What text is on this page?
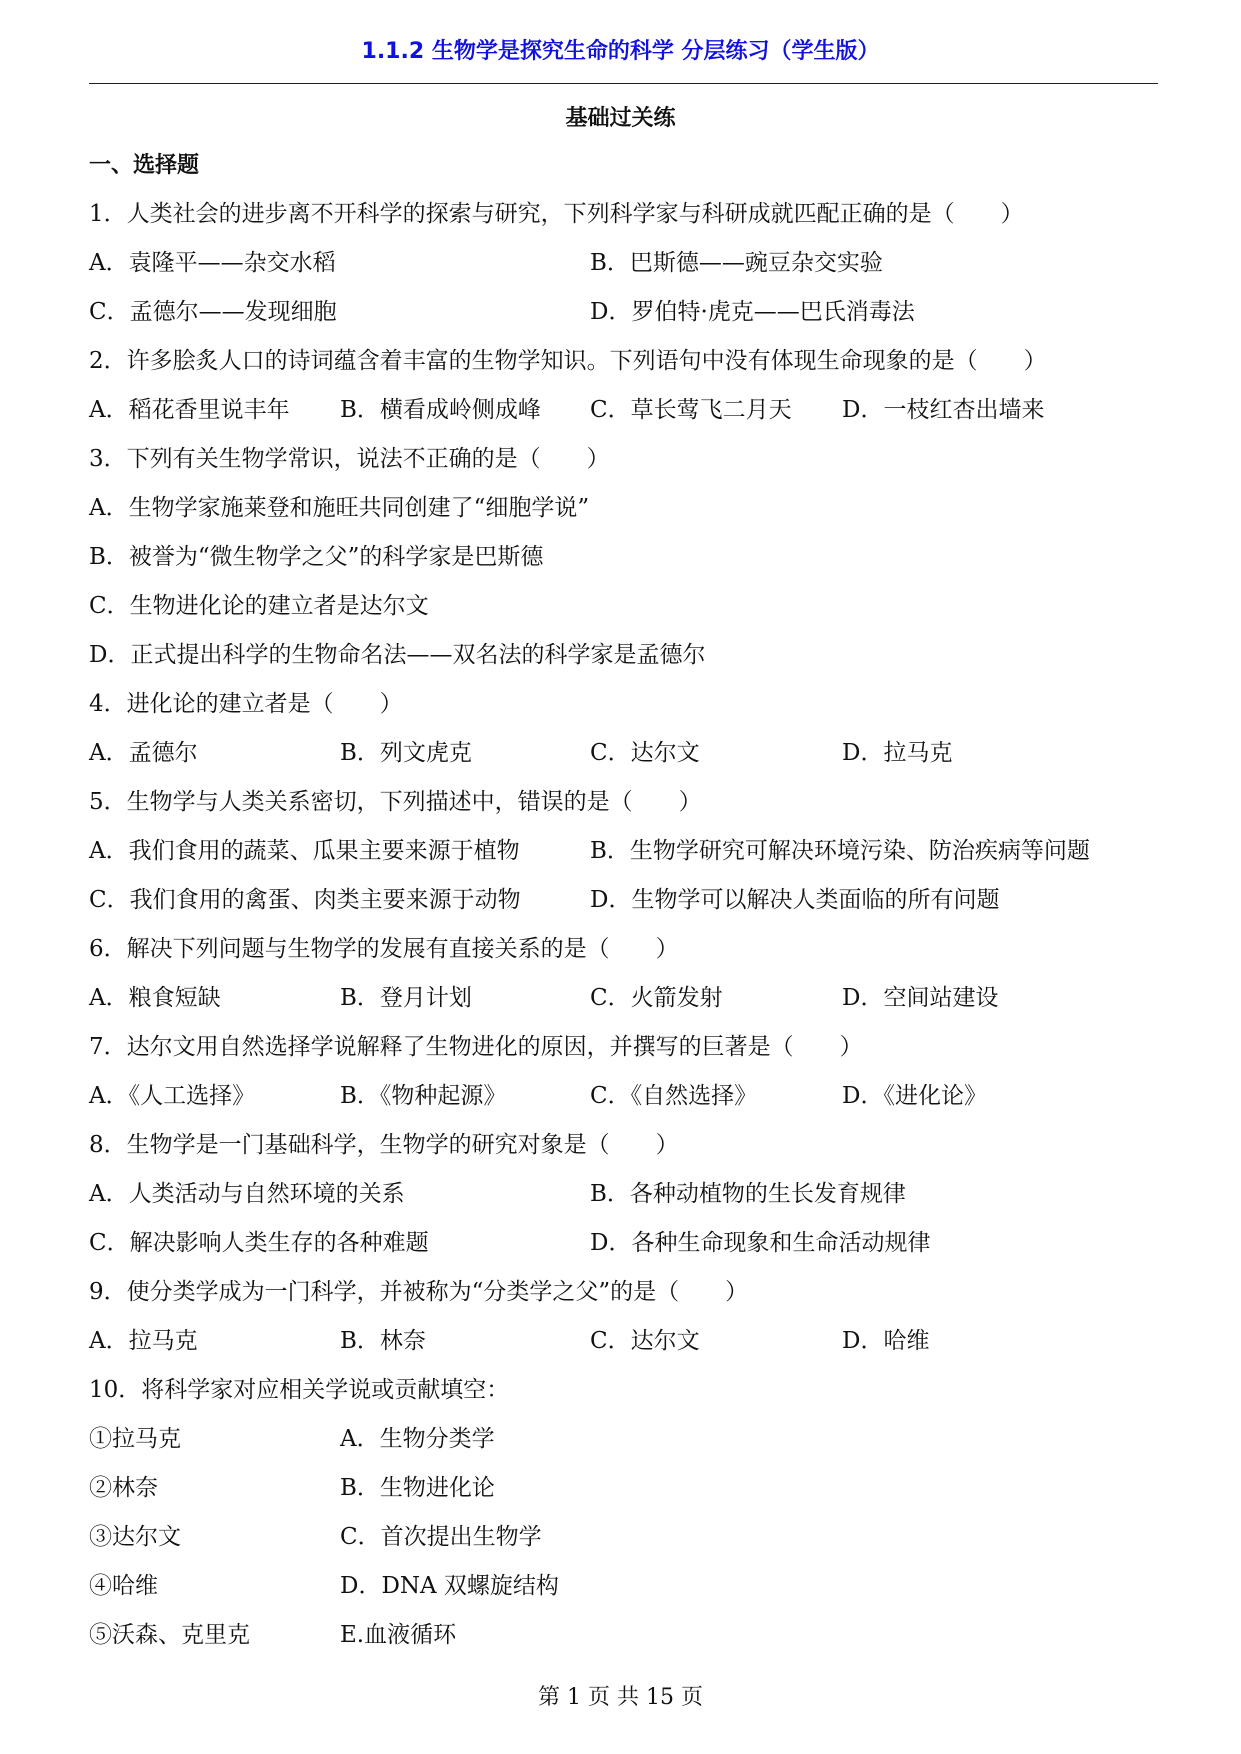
1.1.2 生物学是探究生命的科学 分层练习（学生版）
基础过关练
一、选择题
1．人类社会的进步离不开科学的探索与研究，下列科学家与科研成就匹配正确的是（　　）
A．袁隆平——杂交水稻	B．巴斯德——豌豆杂交实验
C．孟德尔——发现细胞	D．罗伯特·虎克——巴氏消毒法
2．许多脍炙人口的诗词蕴含着丰富的生物学知识。下列语句中没有体现生命现象的是（　　）
A．稻花香里说丰年 B．横看成岭侧成峰 C．草长莺飞二月天 D．一枝红杏出墙来
3．下列有关生物学常识，说法不正确的是（　　）
A．生物学家施莱登和施旺共同创建了“细胞学说”
B．被誉为“微生物学之父”的科学家是巴斯德
C．生物进化论的建立者是达尔文
D．正式提出科学的生物命名法——双名法的科学家是孟德尔
4．进化论的建立者是（　　）
A．孟德尔	B．列文虎克	C．达尔文	D．拉马克
5．生物学与人类关系密切，下列描述中，错误的是（　　）
A．我们食用的蔬菜、瓜果主要来源于植物	B．生物学研究可解决环境污染、防治疾病等问题
C．我们食用的禽蛋、肉类主要来源于动物	D．生物学可以解决人类面临的所有问题
6．解决下列问题与生物学的发展有直接关系的是（　　）
A．粮食短缺	B．登月计划	C．火箭发射	D．空间站建设
7．达尔文用自然选择学说解释了生物进化的原因，并撰写的巨著是（　　）
A．《人工选择》	B．《物种起源》	C．《自然选择》	D．《进化论》
8．生物学是一门基础科学，生物学的研究对象是（　　）
A．人类活动与自然环境的关系	B．各种动植物的生长发育规律
C．解决影响人类生存的各种难题	D．各种生命现象和生命活动规律
9．使分类学成为一门科学，并被称为“分类学之父”的是（　　）
A．拉马克	B．林奈	C．达尔文	D．哈维
10．将科学家对应相关学说或贡献填空：
①拉马克	A．生物分类学
②林奈	B．生物进化论
③达尔文	C．首次提出生物学
④哈维	D．DNA 双螺旋结构
⑤沃森、克里克	E.血液循环
第 1 页 共 15 页
